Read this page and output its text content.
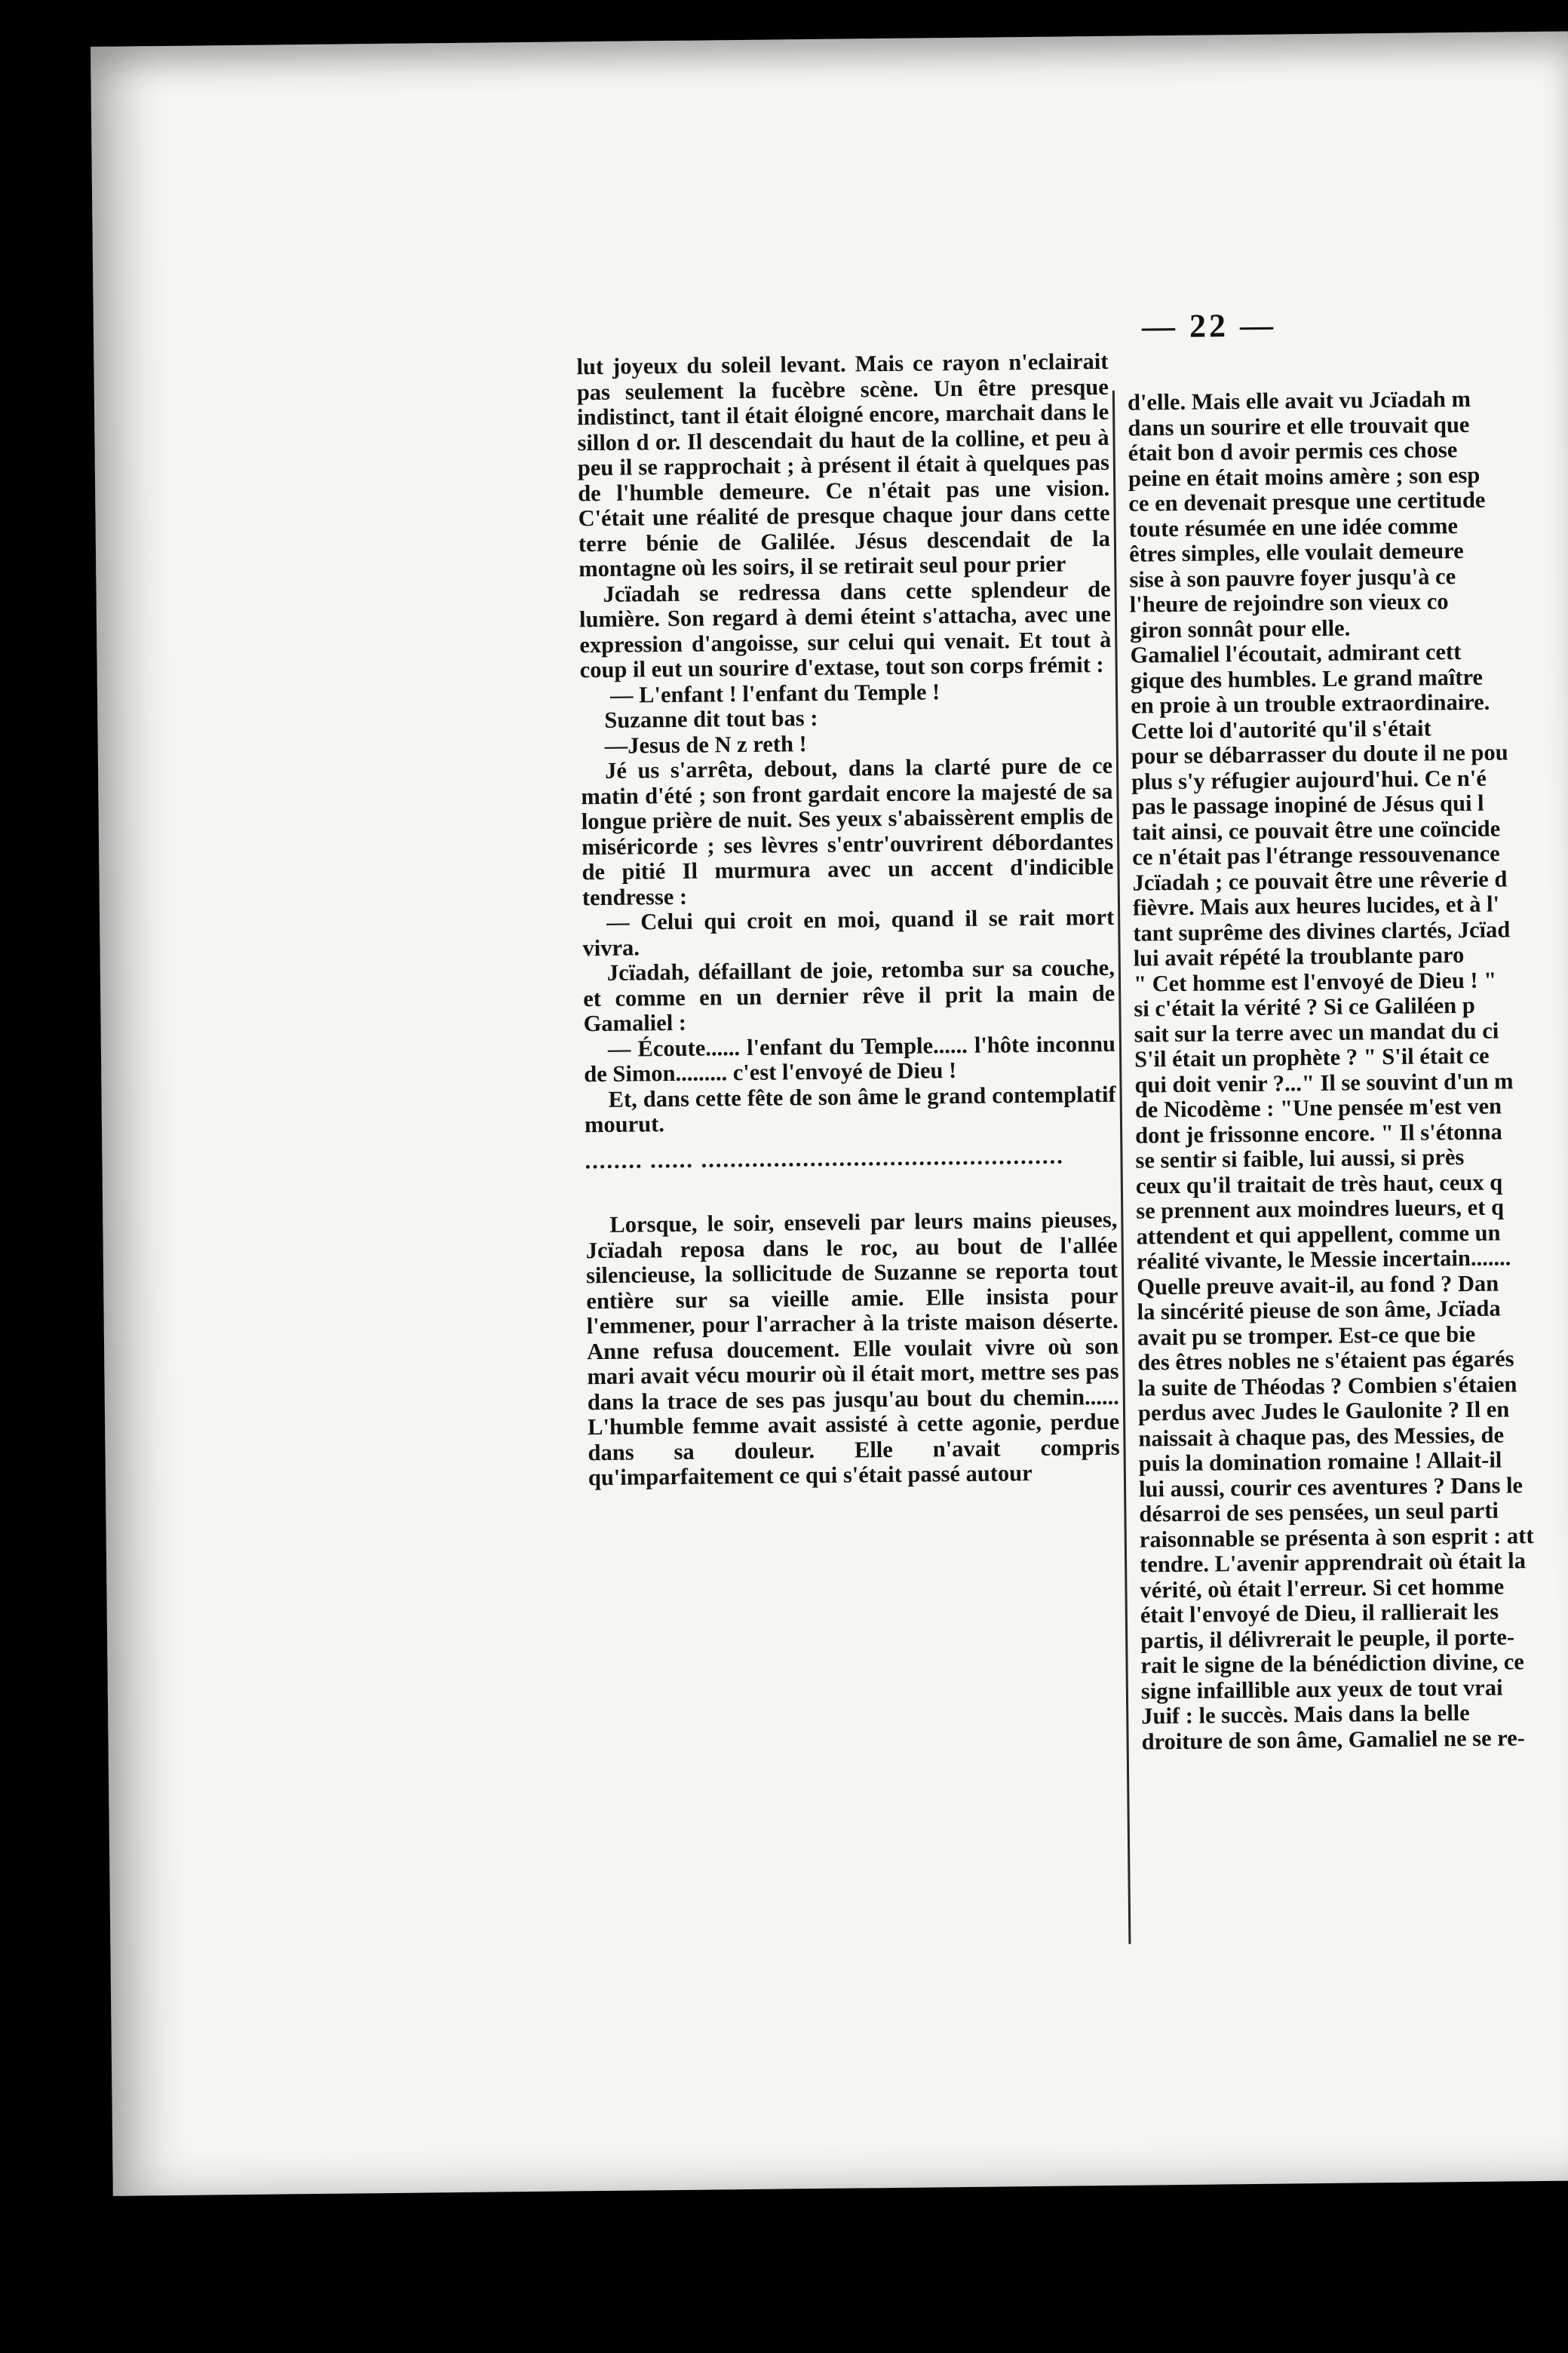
— 22 —

lut joyeux du soleil levant. Mais ce rayon n'eclairait pas seulement la fucèbre scène. Un être presque indistinct, tant il était éloigné encore, marchait dans le sillon d or. Il descendait du haut de la colline, et peu à peu il se rapprochait ; à présent il était à quelques pas de l'humble demeure. Ce n'était pas une vision. C'était une réalité de presque chaque jour dans cette terre bénie de Galilée. Jésus descendait de la montagne où les soirs, il se retirait seul pour prier

Jcïadah se redressa dans cette splendeur de lumière. Son regard à demi éteint s'attacha, avec une expression d'angoisse, sur celui qui venait. Et tout à coup il eut un sourire d'extase, tout son corps frémit :

— L'enfant ! l'enfant du Temple !

Suzanne dit tout bas :

—Jesus de N z reth !

Jé us s'arrêta, debout, dans la clarté pure de ce matin d'été ; son front gardait encore la majesté de sa longue prière de nuit. Ses yeux s'abaissèrent emplis de miséricorde ; ses lèvres s'entr'ouvrirent débordantes de pitié Il murmura avec un accent d'indicible tendresse :

— Celui qui croit en moi, quand il se rait mort vivra.

Jcïadah, défaillant de joie, retomba sur sa couche, et comme en un dernier rêve il prit la main de Gamaliel :

— Écoute...... l'enfant du Temple...... l'hôte inconnu de Simon......... c'est l'envoyé de Dieu !

Et, dans cette fête de son âme le grand contemplatif mourut.

........ ...... ..................................................

Lorsque, le soir, enseveli par leurs mains pieuses, Jcïadah reposa dans le roc, au bout de l'allée silencieuse, la sollicitude de Suzanne se reporta tout entière sur sa vieille amie. Elle insista pour l'emmener, pour l'arracher à la triste maison déserte. Anne refusa doucement. Elle voulait vivre où son mari avait vécu mourir où il était mort, mettre ses pas dans la trace de ses pas jusqu'au bout du chemin...... L'humble femme avait assisté à cette agonie, perdue dans sa douleur. Elle n'avait compris qu'imparfaitement ce qui s'était passé autour

d'elle. Mais elle avait vu Jcïadah m

dans un sourire et elle trouvait que

était bon d avoir permis ces chose

peine en était moins amère ; son esp

ce en devenait presque une certitude

toute résumée en une idée comme

êtres simples, elle voulait demeure

sise à son pauvre foyer jusqu'à ce

l'heure de rejoindre son vieux co

giron sonnât pour elle.

Gamaliel l'écoutait, admirant cett

gique des humbles. Le grand maître

en proie à un trouble extraordinaire.

Cette loi d'autorité qu'il s'était

pour se débarrasser du doute il ne pou

plus s'y réfugier aujourd'hui. Ce n'é

pas le passage inopiné de Jésus qui l

tait ainsi, ce pouvait être une coïncide

ce n'était pas l'étrange ressouvenance

Jcïadah ; ce pouvait être une rêverie d

fièvre. Mais aux heures lucides, et à l'

tant suprême des divines clartés, Jcïad

lui avait répété la troublante paro

" Cet homme est l'envoyé de Dieu ! "

si c'était la vérité ? Si ce Galiléen p

sait sur la terre avec un mandat du ci

S'il était un prophète ? " S'il était ce

qui doit venir ?..." Il se souvint d'un m

de Nicodème : "Une pensée m'est ven

dont je frissonne encore. " Il s'étonna

se sentir si faible, lui aussi, si près

ceux qu'il traitait de très haut, ceux q

se prennent aux moindres lueurs, et q

attendent et qui appellent, comme un

réalité vivante, le Messie incertain.......

Quelle preuve avait-il, au fond ? Dan

la sincérité pieuse de son âme, Jcïada

avait pu se tromper. Est-ce que bie

des êtres nobles ne s'étaient pas égarés

la suite de Théodas ? Combien s'étaien

perdus avec Judes le Gaulonite ? Il en

naissait à chaque pas, des Messies, de

puis la domination romaine ! Allait-il

lui aussi, courir ces aventures ? Dans le

désarroi de ses pensées, un seul parti

raisonnable se présenta à son esprit : att

tendre. L'avenir apprendrait où était la

vérité, où était l'erreur. Si cet homme

était l'envoyé de Dieu, il rallierait les

partis, il délivrerait le peuple, il porte-

rait le signe de la bénédiction divine, ce

signe infaillible aux yeux de tout vrai

Juif : le succès. Mais dans la belle

droiture de son âme, Gamaliel ne se re-
